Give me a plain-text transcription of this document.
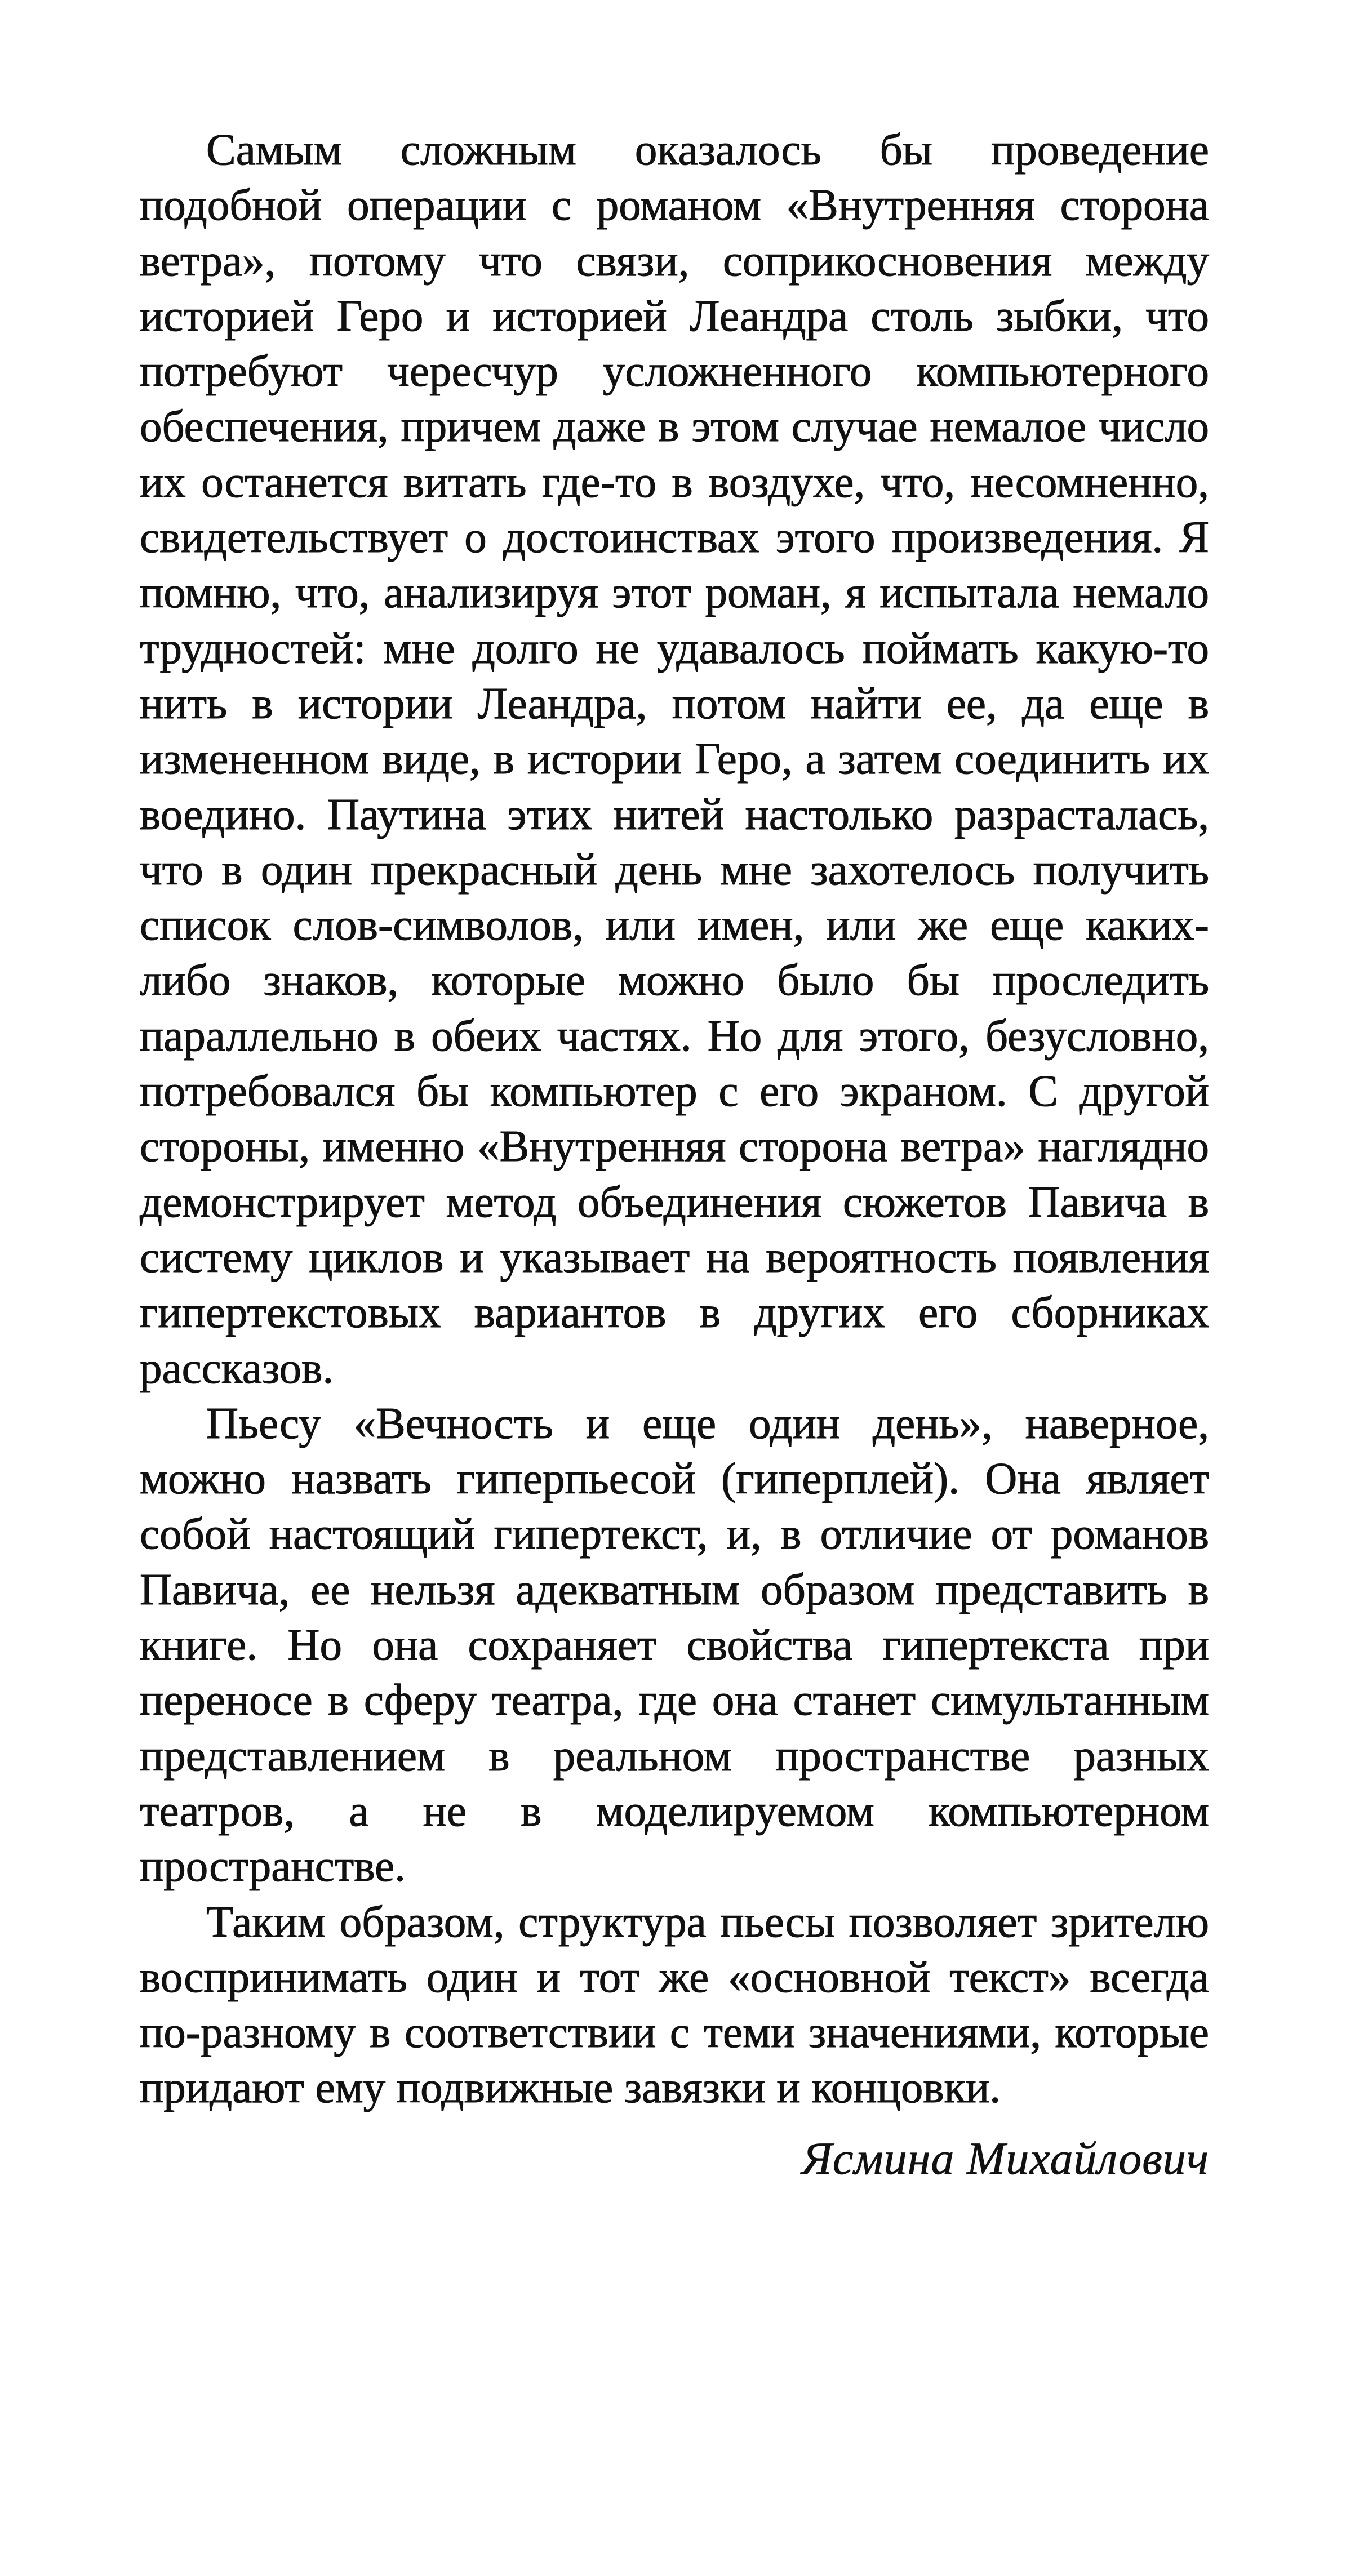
Самым сложным оказалось бы проведение подобной операции с романом «Внутренняя сторона ветра», потому что связи, соприкосновения между историей Геро и историей Леандра столь зыбки, что потребуют чересчур усложненного компьютерного обеспечения, причем даже в этом случае немалое число их останется витать где-то в воздухе, что, несомненно, свидетельствует о достоинствах этого произведения. Я помню, что, анализируя этот роман, я испытала немало трудностей: мне долго не удавалось поймать какую-то нить в истории Леандра, потом найти ее, да еще в измененном виде, в истории Геро, а затем соединить их воедино. Паутина этих нитей настолько разрасталась, что в один прекрасный день мне захотелось получить список слов-символов, или имен, или же еще каких-либо знаков, которые можно было бы проследить параллельно в обеих частях. Но для этого, безусловно, потребовался бы компьютер с его экраном. С другой стороны, именно «Внутренняя сторона ветра» наглядно демонстрирует метод объединения сюжетов Павича в систему циклов и указывает на вероятность появления гипертекстовых вариантов в других его сборниках рассказов.

Пьесу «Вечность и еще один день», наверное, можно назвать гиперпьесой (гиперплей). Она являет собой настоящий гипертекст, и, в отличие от романов Павича, ее нельзя адекватным образом представить в книге. Но она сохраняет свойства гипертекста при переносе в сферу театра, где она станет симультанным представлением в реальном пространстве разных театров, а не в моделируемом компьютерном пространстве.

Таким образом, структура пьесы позволяет зрителю воспринимать один и тот же «основной текст» всегда по-разному в соответствии с теми значениями, которые придают ему подвижные завязки и концовки.

Ясмина Михайлович
